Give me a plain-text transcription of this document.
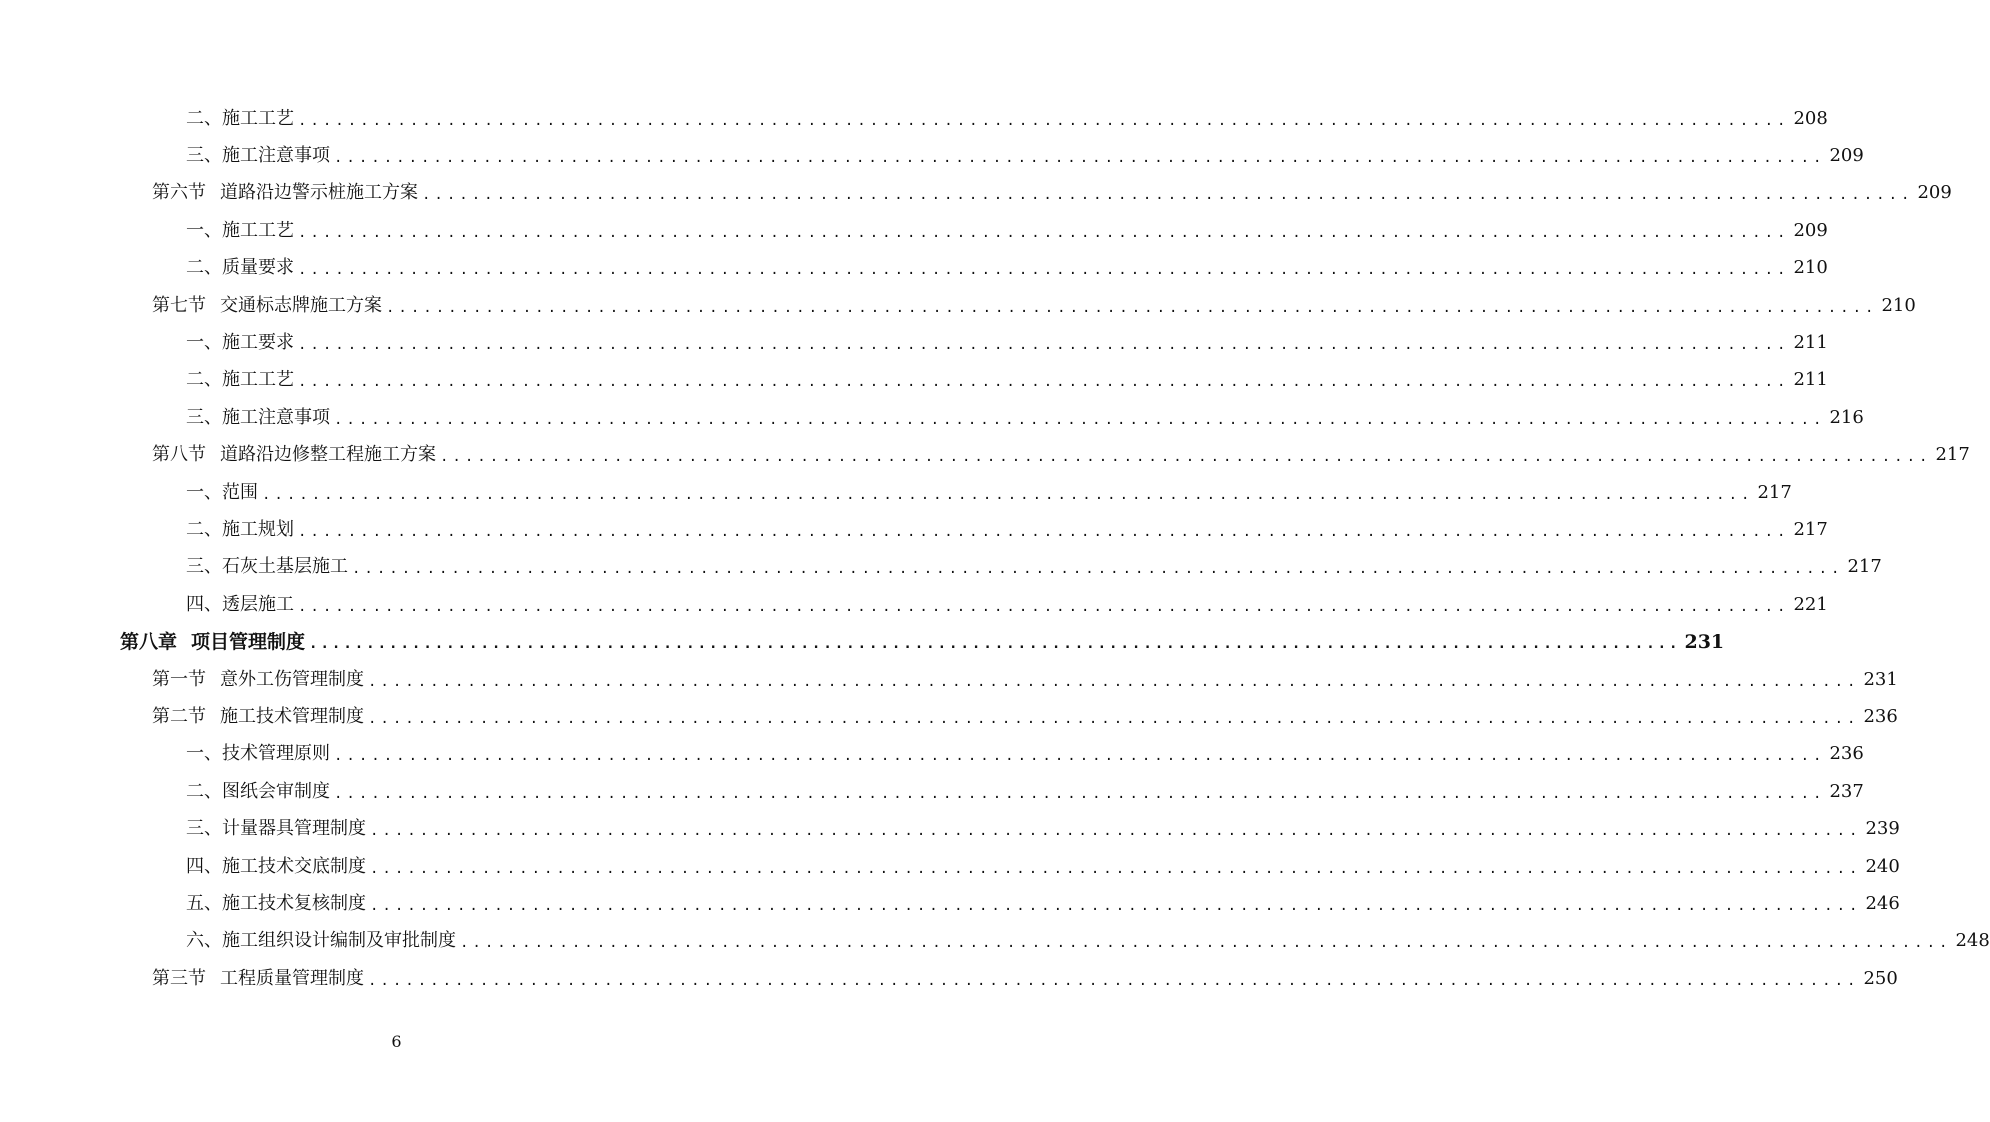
二、施工工艺 ........................................................................................................................ 208
三、施工注意事项 ........................................................................................................................ 209
第六节 道路沿边警示桩施工方案 ........................................................................................................................ 209
一、施工工艺 ........................................................................................................................ 209
二、质量要求 ........................................................................................................................ 210
第七节 交通标志牌施工方案 ........................................................................................................................ 210
一、施工要求 ........................................................................................................................ 211
二、施工工艺 ........................................................................................................................ 211
三、施工注意事项 ........................................................................................................................ 216
第八节 道路沿边修整工程施工方案 ........................................................................................................................ 217
一、范围 ........................................................................................................................ 217
二、施工规划 ........................................................................................................................ 217
三、石灰土基层施工 ........................................................................................................................ 217
四、透层施工 ........................................................................................................................ 221
第八章 项目管理制度 ........................................................................................................................ 231
第一节 意外工伤管理制度 ........................................................................................................................ 231
第二节 施工技术管理制度 ........................................................................................................................ 236
一、技术管理原则 ........................................................................................................................ 236
二、图纸会审制度 ........................................................................................................................ 237
三、计量器具管理制度 ........................................................................................................................ 239
四、施工技术交底制度 ........................................................................................................................ 240
五、施工技术复核制度 ........................................................................................................................ 246
六、施工组织设计编制及审批制度 ........................................................................................................................ 248
第三节 工程质量管理制度 ........................................................................................................................ 250
6
